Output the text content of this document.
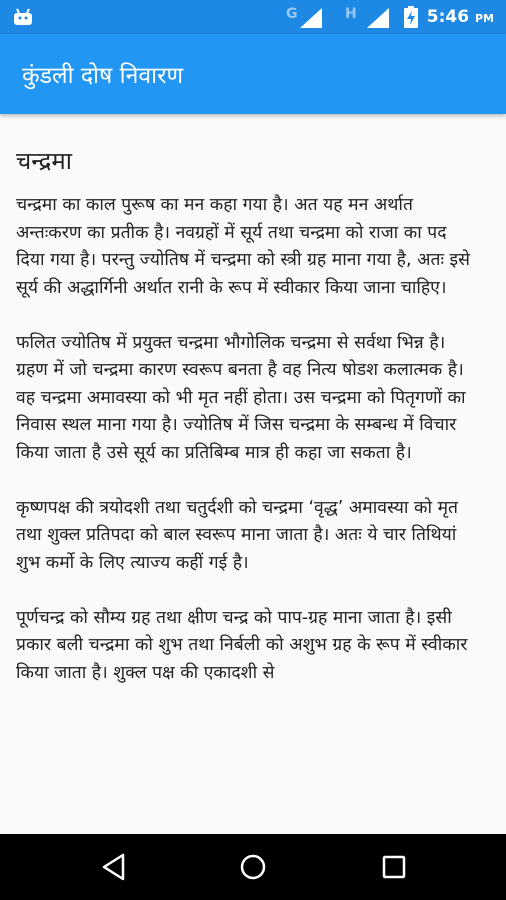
G	H	5:46 PM
कुंडली दोष निवारण
चन्द्रमा

चन्द्रमा का काल पुरूष का मन कहा गया है। अत यह मन अर्थात अन्तःकरण का प्रतीक है। नवग्रहों में सूर्य तथा चन्द्रमा को राजा का पद दिया गया है। परन्तु ज्योतिष में चन्द्रमा को स्त्री ग्रह माना गया है, अतः इसे सूर्य की अद्धार्गिनी अर्थात रानी के रूप में स्वीकार किया जाना चाहिए।

फलित ज्योतिष में प्रयुक्त चन्द्रमा भौगोलिक चन्द्रमा से सर्वथा भिन्न है। ग्रहण में जो चन्द्रमा कारण स्वरूप बनता है वह नित्य षोडश कलात्मक है। वह चन्द्रमा अमावस्या को भी मृत नहीं होता। उस चन्द्रमा को पितृगणों का निवास स्थल माना गया है। ज्योतिष में जिस चन्द्रमा के सम्बन्ध में विचार किया जाता है उसे सूर्य का प्रतिबिम्ब मात्र ही कहा जा सकता है।

कृष्णपक्ष की त्रयोदशी तथा चतुर्दशी को चन्द्रमा ‘वृद्ध’ अमावस्या को मृत तथा शुक्ल प्रतिपदा को बाल स्वरूप माना जाता है। अतः ये चार तिथियां शुभ कर्मो के लिए त्याज्य कहीं गई है।

पूर्णचन्द्र को सौम्य ग्रह तथा क्षीण चन्द्र को पाप-ग्रह माना जाता है। इसी प्रकार बली चन्द्रमा को शुभ तथा निर्बली को अशुभ ग्रह के रूप में स्वीकार किया जाता है। शुक्ल पक्ष की एकादशी से
